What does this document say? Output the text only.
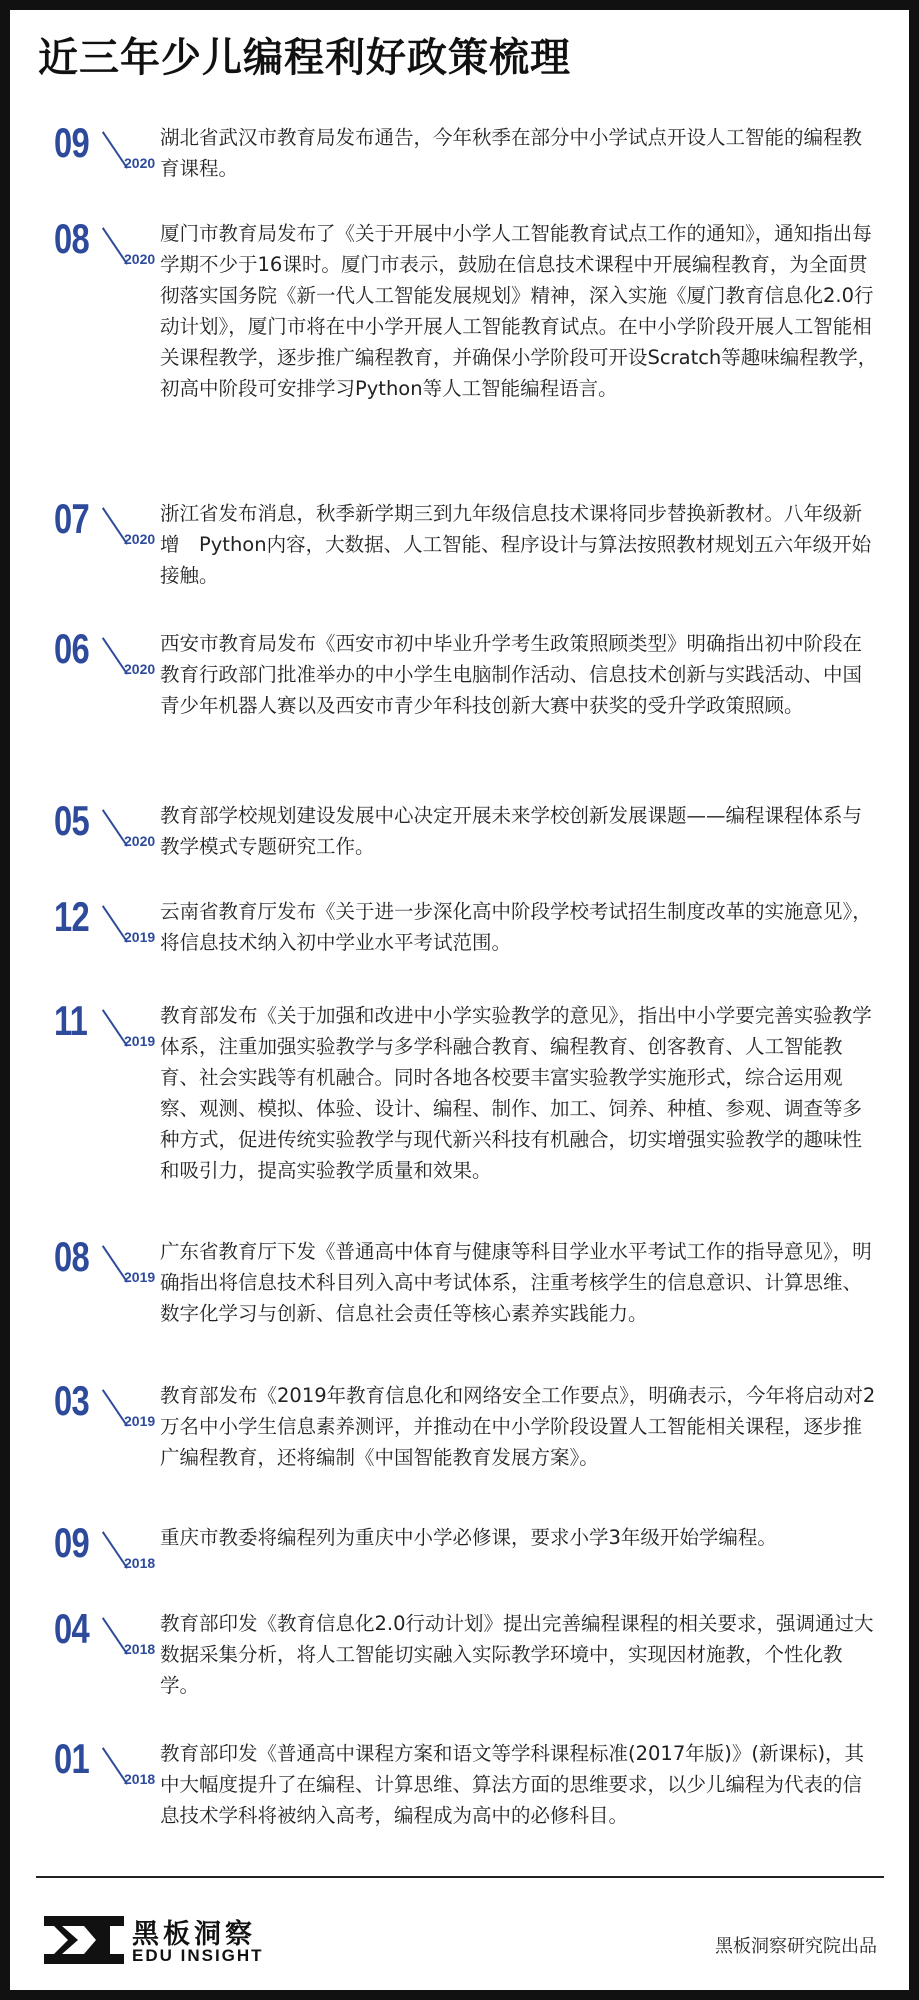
近三年少儿编程利好政策梳理
09	2020

湖北省武汉市教育局发布通告，今年秋季在部分中小学试点开设人工智能的编程教育课程。

08	2020

厦门市教育局发布了《关于开展中小学人工智能教育试点工作的通知》，通知指出每学期不少于16课时。厦门市表示，鼓励在信息技术课程中开展编程教育，为全面贯彻落实国务院《新一代人工智能发展规划》精神，深入实施《厦门教育信息化2.0行动计划》，厦门市将在中小学开展人工智能教育试点。在中小学阶段开展人工智能相关课程教学，逐步推广编程教育，并确保小学阶段可开设Scratch等趣味编程教学，初高中阶段可安排学习Python等人工智能编程语言。

07	2020

浙江省发布消息，秋季新学期三到九年级信息技术课将同步替换新教材。八年级新增　Python内容，大数据、人工智能、程序设计与算法按照教材规划五六年级开始接触。

06	2020

西安市教育局发布《西安市初中毕业升学考生政策照顾类型》明确指出初中阶段在教育行政部门批准举办的中小学生电脑制作活动、信息技术创新与实践活动、中国青少年机器人赛以及西安市青少年科技创新大赛中获奖的受升学政策照顾。

05	2020

教育部学校规划建设发展中心决定开展未来学校创新发展课题——编程课程体系与教学模式专题研究工作。

12	2019

云南省教育厅发布《关于进一步深化高中阶段学校考试招生制度改革的实施意见》，将信息技术纳入初中学业水平考试范围。

11	2019

教育部发布《关于加强和改进中小学实验教学的意见》，指出中小学要完善实验教学体系，注重加强实验教学与多学科融合教育、编程教育、创客教育、人工智能教育、社会实践等有机融合。同时各地各校要丰富实验教学实施形式，综合运用观察、观测、模拟、体验、设计、编程、制作、加工、饲养、种植、参观、调查等多种方式，促进传统实验教学与现代新兴科技有机融合，切实增强实验教学的趣味性和吸引力，提高实验教学质量和效果。

08	2019

广东省教育厅下发《普通高中体育与健康等科目学业水平考试工作的指导意见》，明确指出将信息技术科目列入高中考试体系，注重考核学生的信息意识、计算思维、数字化学习与创新、信息社会责任等核心素养实践能力。

03	2019

教育部发布《2019年教育信息化和网络安全工作要点》，明确表示，今年将启动对2万名中小学生信息素养测评，并推动在中小学阶段设置人工智能相关课程，逐步推广编程教育，还将编制《中国智能教育发展方案》。

09	2018

重庆市教委将编程列为重庆中小学必修课，要求小学3年级开始学编程。

04	2018

教育部印发《教育信息化2.0行动计划》提出完善编程课程的相关要求，强调通过大数据采集分析，将人工智能切实融入实际教学环境中，实现因材施教，个性化教学。

01	2018

教育部印发《普通高中课程方案和语文等学科课程标准(2017年版)》(新课标)，其中大幅度提升了在编程、计算思维、算法方面的思维要求，以少儿编程为代表的信息技术学科将被纳入高考，编程成为高中的必修科目。

黑板洞察
EDU INSIGHT	黑板洞察研究院出品
